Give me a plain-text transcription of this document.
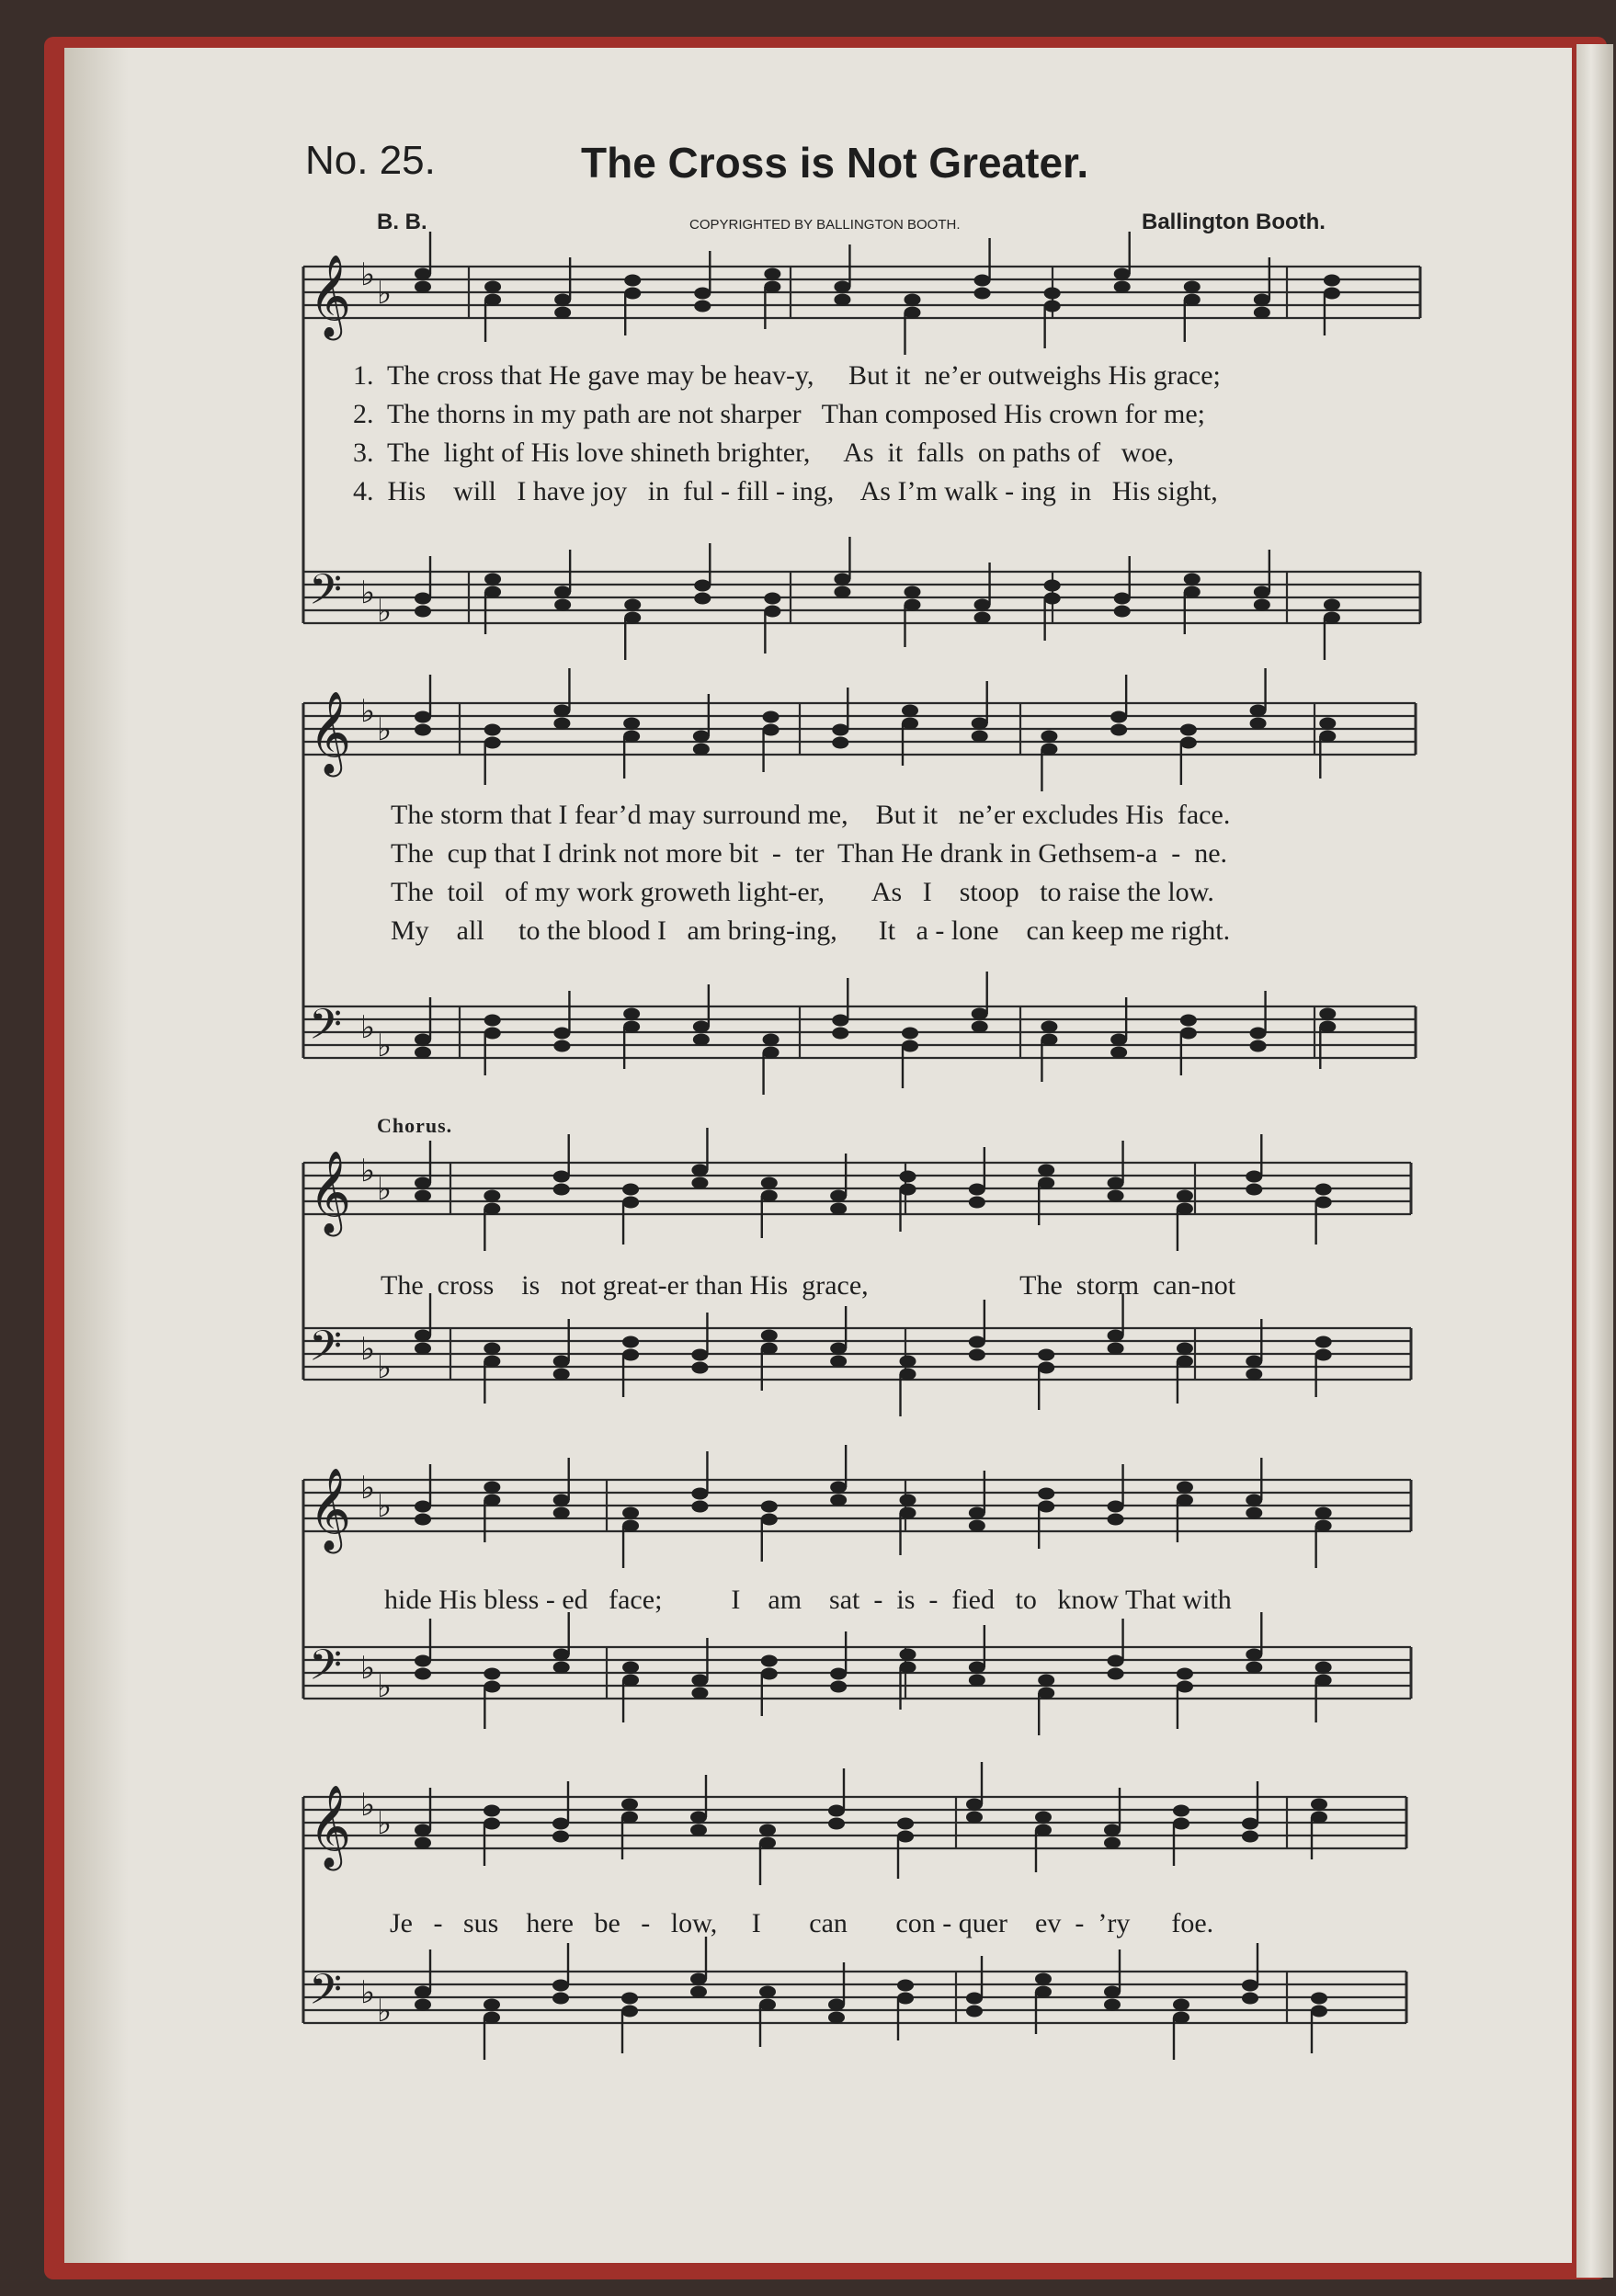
No. 25.	The Cross is Not Greater.
B. B.	COPYRIGHTED BY BALLINGTON BOOTH.	Ballington Booth.
𝄞 ♭ ♭
𝄢 ♭ ♭
𝄞 ♭ ♭
𝄢 ♭ ♭
𝄞 ♭ ♭
𝄢 ♭ ♭
𝄞 ♭ ♭
𝄢 ♭ ♭
𝄞 ♭ ♭
𝄢 ♭ ♭
1.  The cross that He gave may be heav-y,     But it  ne’er outweighs His grace;
2.  The thorns in my path are not sharper   Than composed His crown for me;
3.  The  light of His love shineth brighter,     As  it  falls  on paths of   woe,
4.  His    will   I have joy   in  ful - fill - ing,    As I’m walk - ing  in   His sight,
The storm that I fear’d may surround me,    But it   ne’er excludes His  face.
The  cup that I drink not more bit  -  ter  Than He drank in Gethsem-a  -  ne.
The  toil   of my work groweth light-er,       As   I    stoop   to raise the low.
My    all     to the blood I   am bring-ing,      It   a - lone    can keep me right.
Chorus.
The  cross    is   not great-er than His  grace,                      The  storm  can-not
hide His bless - ed   face;          I    am    sat  -  is  -  fied   to   know That with
Je   -   sus    here   be   -   low,     I       can       con - quer    ev  -  ’ry      foe.
